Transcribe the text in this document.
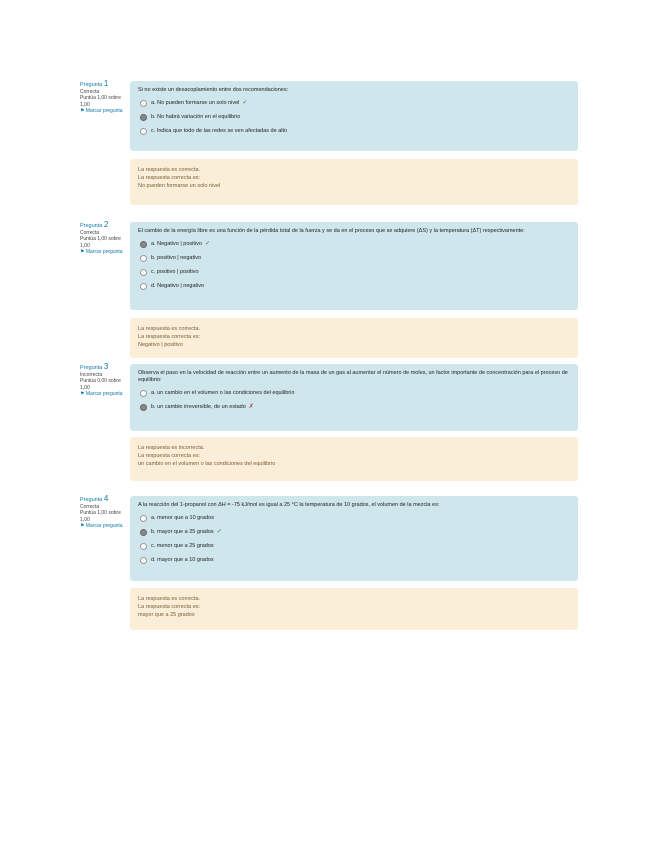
Pregunta 1
Correcta
Puntúa 1,00 sobre 1,00
⚑ Marcar pregunta
Si no existe un desacoplamiento entre dos recomendaciones:
a. No pueden formarse un solo nivel ✓
b. No habrá variación en el equilibrio
c. Indica que todo de las redes se ven afectadas de alto
La respuesta es correcta.
La respuesta correcta es:
No pueden formarse un solo nivel
Pregunta 2
Correcta
Puntúa 1,00 sobre 1,00
⚑ Marcar pregunta
El cambio de la energía libre es una función de la pérdida total de la fuerza y se da en el proceso que se adquiere (ΔS) y la temperatura (ΔT) respectivamente:
a. Negativo | positivo ✓
b. positivo | negativo
c. positivo | positivo
d. Negativo | negativo
La respuesta es correcta.
La respuesta correcta es:
Negativo | positivo
Pregunta 3
Incorrecta
Puntúa 0,00 sobre 1,00
⚑ Marcar pregunta
Observa el paso en la velocidad de reacción entre un aumento de la masa de un gas al aumentar el número de moles, un factor importante de concentración para el proceso de equilibrio:
a. un cambio en el volumen o las condiciones del equilibrio
b. un cambio irreversible, de un estado ✗
La respuesta es incorrecta.
La respuesta correcta es:
un cambio en el volumen o las condiciones del equilibrio
Pregunta 4
Correcta
Puntúa 1,00 sobre 1,00
⚑ Marcar pregunta
A la reacción del 1-propanol con ΔH = -75 kJ/mol es igual a 25 °C la temperatura de 10 grados, el volumen de la mezcla es:
a. menor que a 10 grados
b. mayor que a 25 grados ✓
c. menor que a 25 grados
d. mayor que a 10 grados
La respuesta es correcta.
La respuesta correcta es:
mayor que a 25 grados
